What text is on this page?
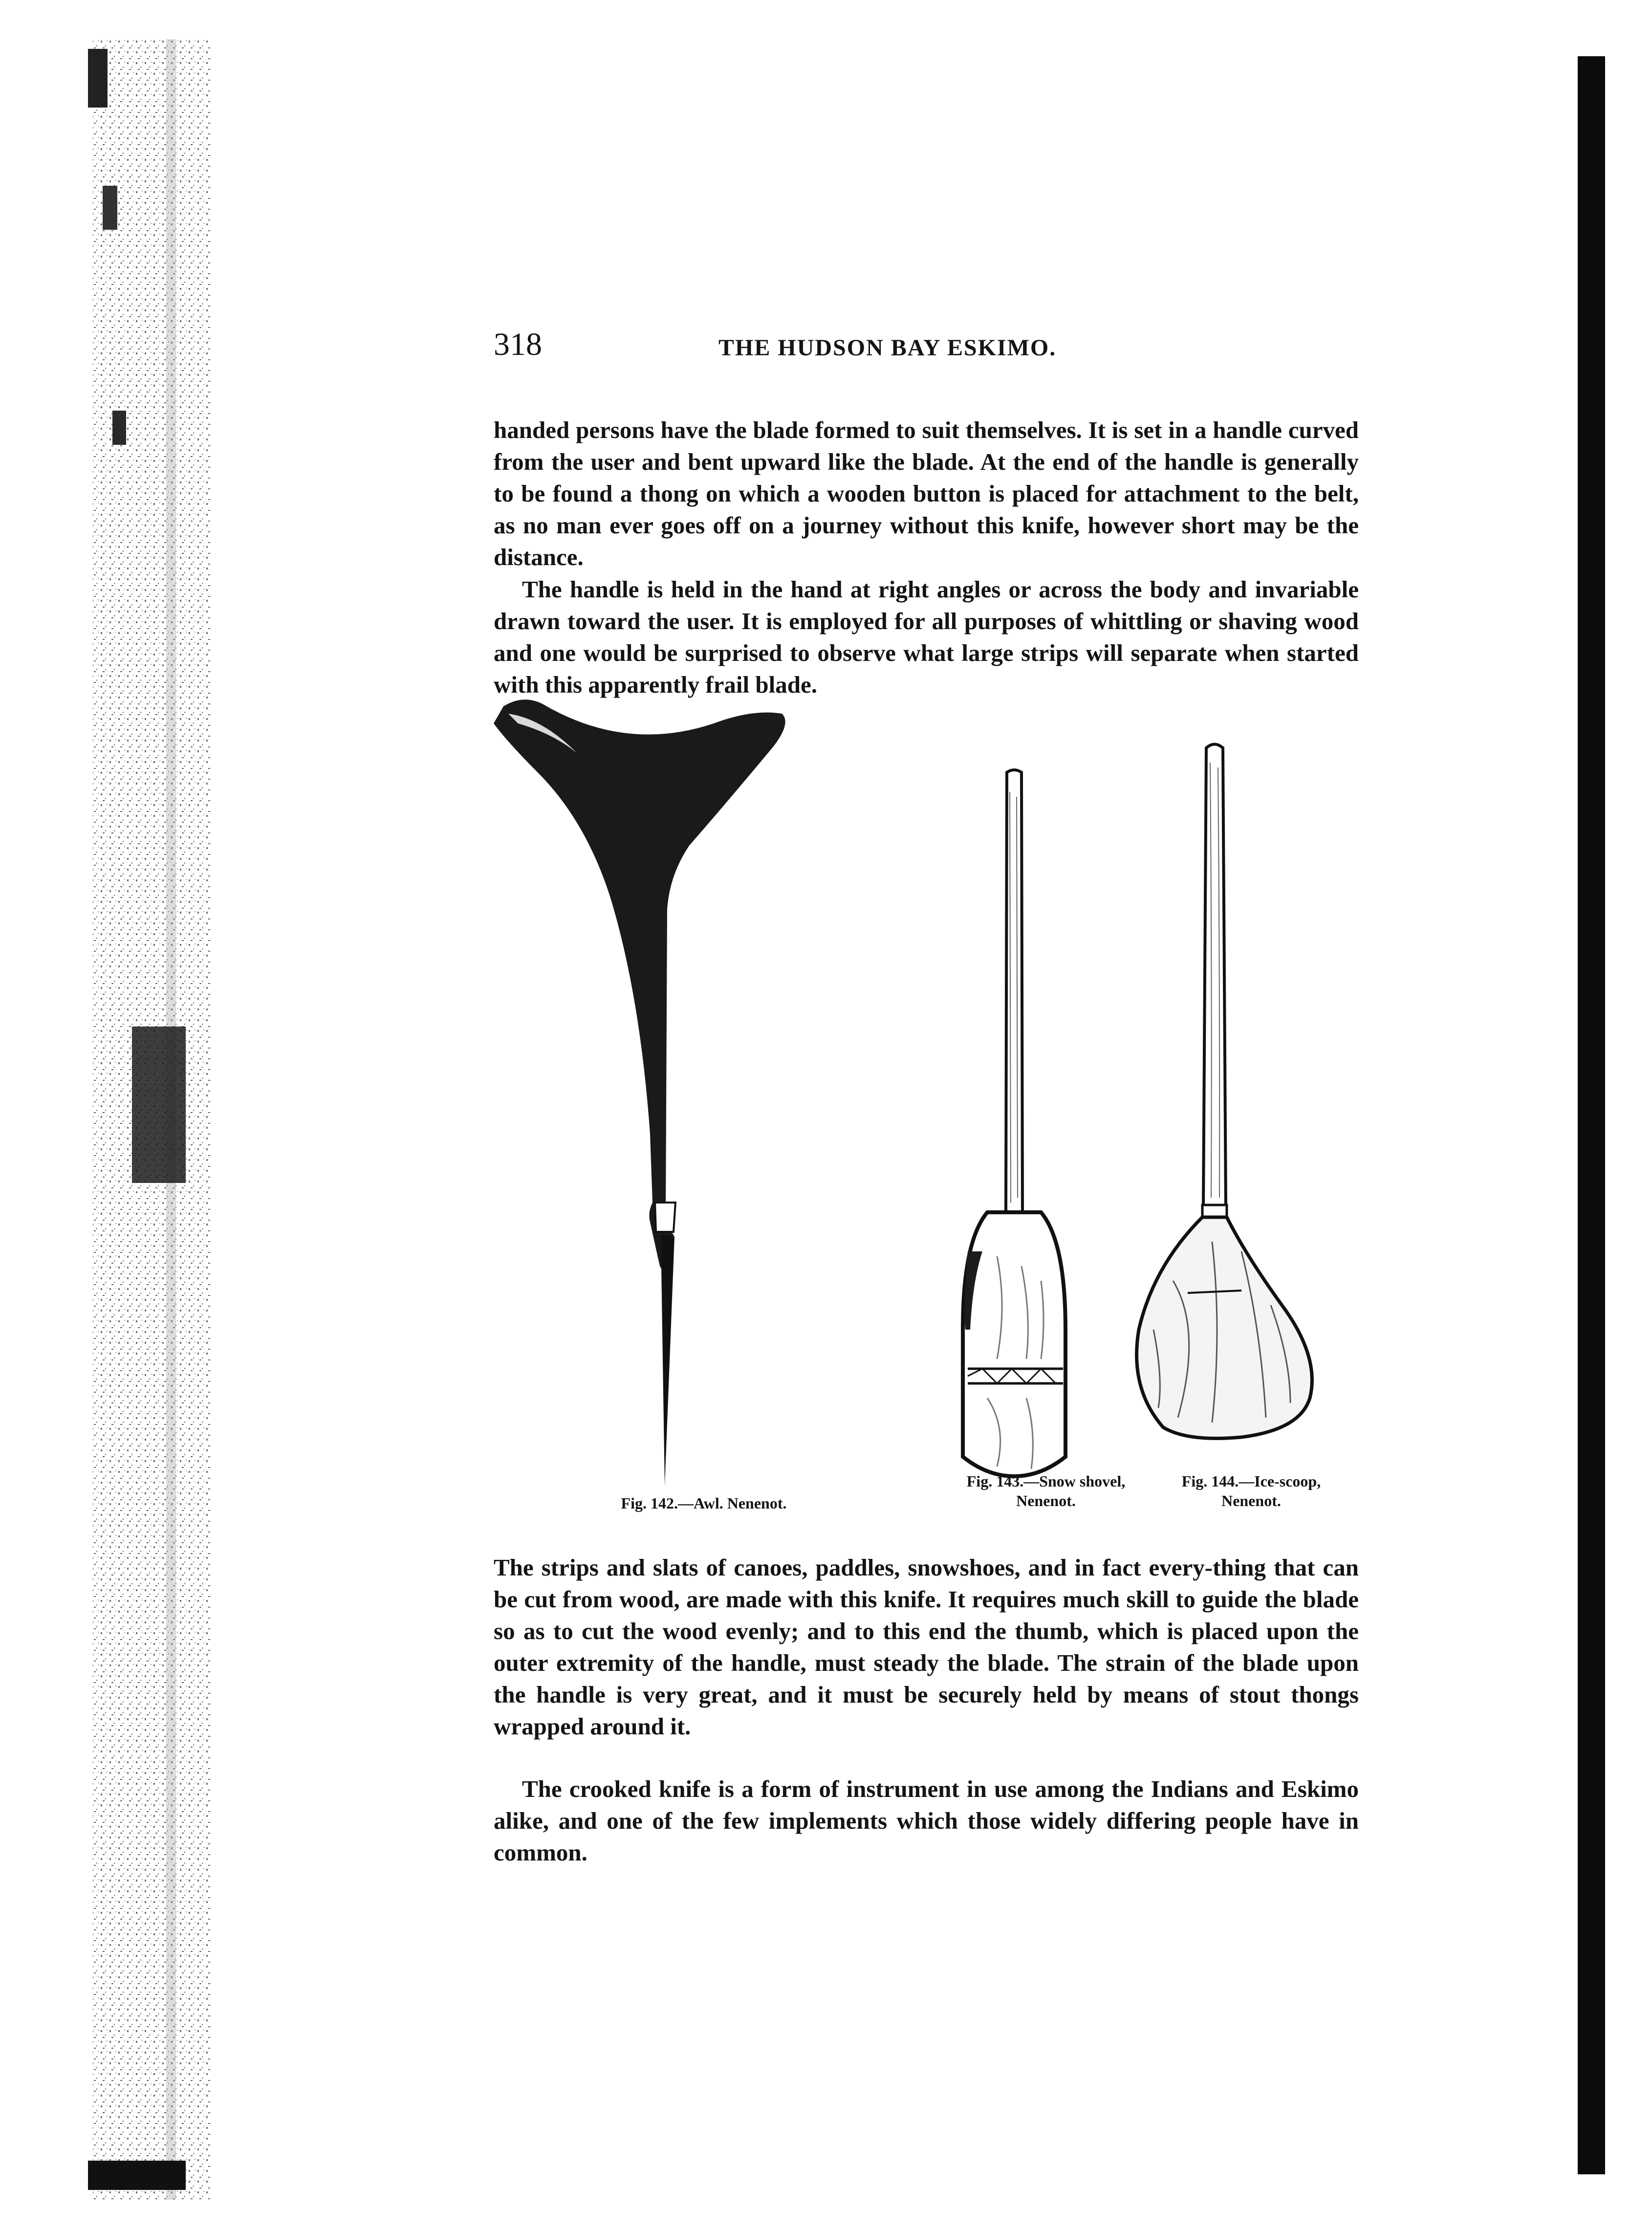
318	THE HUDSON BAY ESKIMO.

handed persons have the blade formed to suit themselves. It is set in a handle curved from the user and bent upward like the blade. At the end of the handle is generally to be found a thong on which a wooden button is placed for attachment to the belt, as no man ever goes off on a journey without this knife, however short may be the distance.

The handle is held in the hand at right angles or across the body and invariable drawn toward the user. It is employed for all purposes of whittling or shaving wood and one would be surprised to observe what large strips will separate when started with this apparently frail blade.

Fig. 142.—Awl. Nenenot.
Fig. 143.—Snow shovel,
Nenenot.
Fig. 144.—Ice-scoop,
Nenenot.

The strips and slats of canoes, paddles, snowshoes, and in fact every-thing that can be cut from wood, are made with this knife. It requires much skill to guide the blade so as to cut the wood evenly; and to this end the thumb, which is placed upon the outer extremity of the handle, must steady the blade. The strain of the blade upon the handle is very great, and it must be securely held by means of stout thongs wrapped around it.

The crooked knife is a form of instrument in use among the Indians and Eskimo alike, and one of the few implements which those widely differing people have in common.
